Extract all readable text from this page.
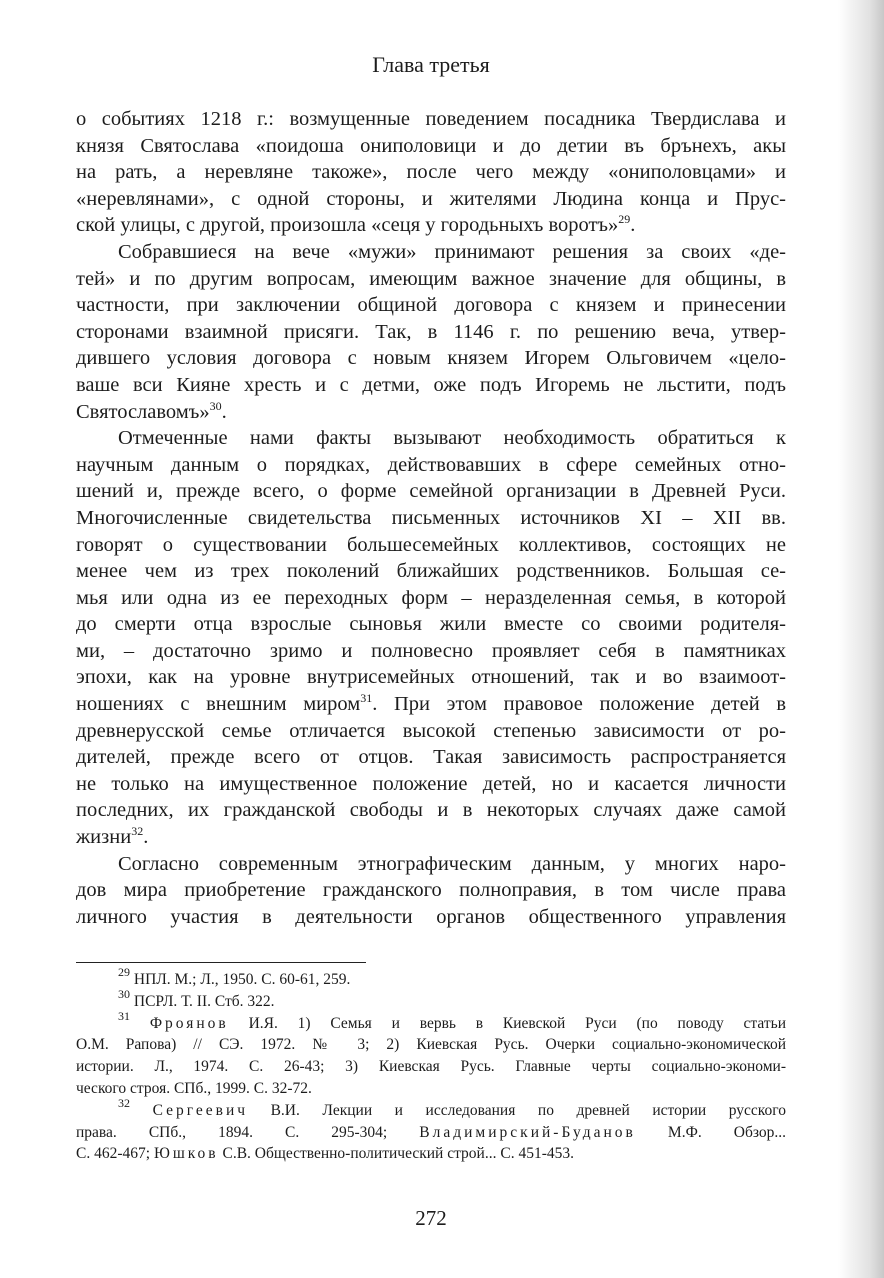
Глава третья
о событиях 1218 г.: возмущенные поведением посадника Твердислава и
князя Святослава «поидоша ониполовици и до детии въ брънехъ, акы
на рать, а неревляне такоже», после чего между «ониполовцами» и
«неревлянами», с одной стороны, и жителями Людина конца и Прус-
ской улицы, с другой, произошла «сеця у городьныхъ воротъ»$^{29}$.
Собравшиеся на вече «мужи» принимают решения за своих «де-
тей» и по другим вопросам, имеющим важное значение для общины, в
частности, при заключении общиной договора с князем и принесении
сторонами взаимной присяги. Так, в 1146 г. по решению веча, утвер-
дившего условия договора с новым князем Игорем Ольговичем «цело-
ваше вси Кияне хресть и с детми, оже подъ Игоремь не льстити, подъ
Святославомъ»$^{30}$.
Отмеченные нами факты вызывают необходимость обратиться к
научным данным о порядках, действовавших в сфере семейных отно-
шений и, прежде всего, о форме семейной организации в Древней Руси.
Многочисленные свидетельства письменных источников XI – XII вв.
говорят о существовании большесемейных коллективов, состоящих не
менее чем из трех поколений ближайших родственников. Большая се-
мья или одна из ее переходных форм – неразделенная семья, в которой
до смерти отца взрослые сыновья жили вместе со своими родителя-
ми, – достаточно зримо и полновесно проявляет себя в памятниках
эпохи, как на уровне внутрисемейных отношений, так и во взаимоот-
ношениях с внешним миром$^{31}$. При этом правовое положение детей в
древнерусской семье отличается высокой степенью зависимости от ро-
дителей, прежде всего от отцов. Такая зависимость распространяется
не только на имущественное положение детей, но и касается личности
последних, их гражданской свободы и в некоторых случаях даже самой
жизни$^{32}$.
Согласно современным этнографическим данным, у многих наро-
дов мира приобретение гражданского полноправия, в том числе права
личного участия в деятельности органов общественного управления
$^{29}$ НПЛ. М.; Л., 1950. С. 60-61, 259.
$^{30}$ ПСРЛ. Т. II. Стб. 322.
$^{31}$ Фроянов И.Я. 1) Семья и вервь в Киевской Руси (по поводу статьи
О.М. Рапова) // СЭ. 1972. № 3; 2) Киевская Русь. Очерки социально-экономической
истории. Л., 1974. С. 26-43; 3) Киевская Русь. Главные черты социально-экономи-
ческого строя. СПб., 1999. С. 32-72.
$^{32}$ Сергеевич В.И. Лекции и исследования по древней истории русского
права. СПб., 1894. С. 295-304; Владимирский-Буданов М.Ф. Обзор...
С. 462-467; Юшков С.В. Общественно-политический строй... С. 451-453.
272
